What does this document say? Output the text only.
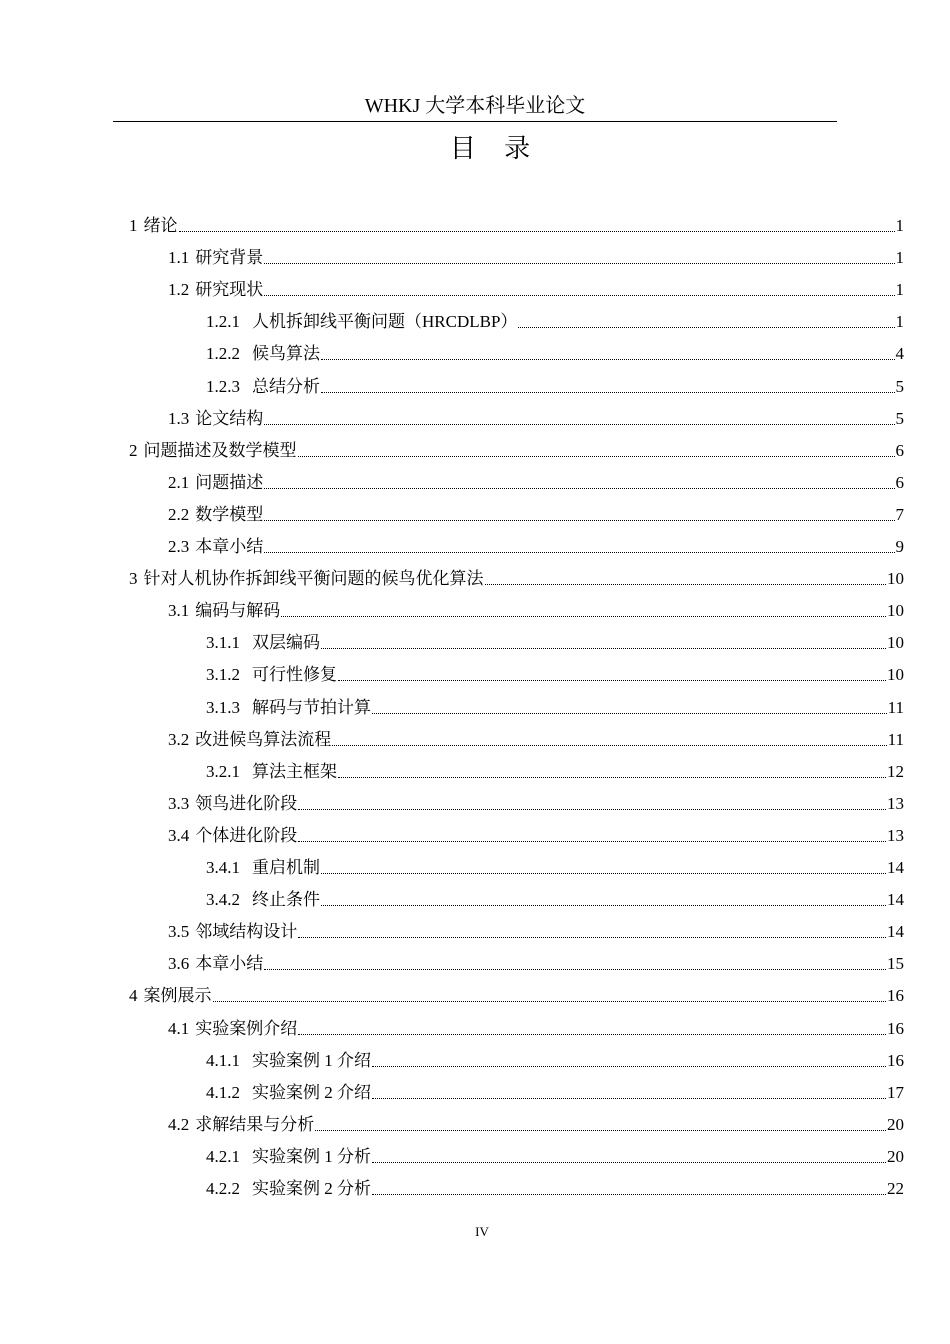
WHKJ 大学本科毕业论文
目 录
1 绪论	1
1.1 研究背景	1
1.2 研究现状	1
1.2.1 人机拆卸线平衡问题（HRCDLBP）	1
1.2.2 候鸟算法	4
1.2.3 总结分析	5
1.3 论文结构	5
2 问题描述及数学模型	6
2.1 问题描述	6
2.2 数学模型	7
2.3 本章小结	9
3 针对人机协作拆卸线平衡问题的候鸟优化算法	10
3.1 编码与解码	10
3.1.1 双层编码	10
3.1.2 可行性修复	10
3.1.3 解码与节拍计算	11
3.2 改进候鸟算法流程	11
3.2.1 算法主框架	12
3.3 领鸟进化阶段	13
3.4 个体进化阶段	13
3.4.1 重启机制	14
3.4.2 终止条件	14
3.5 邻域结构设计	14
3.6 本章小结	15
4 案例展示	16
4.1 实验案例介绍	16
4.1.1 实验案例 1 介绍	16
4.1.2 实验案例 2 介绍	17
4.2 求解结果与分析	20
4.2.1 实验案例 1 分析	20
4.2.2 实验案例 2 分析	22
IV
